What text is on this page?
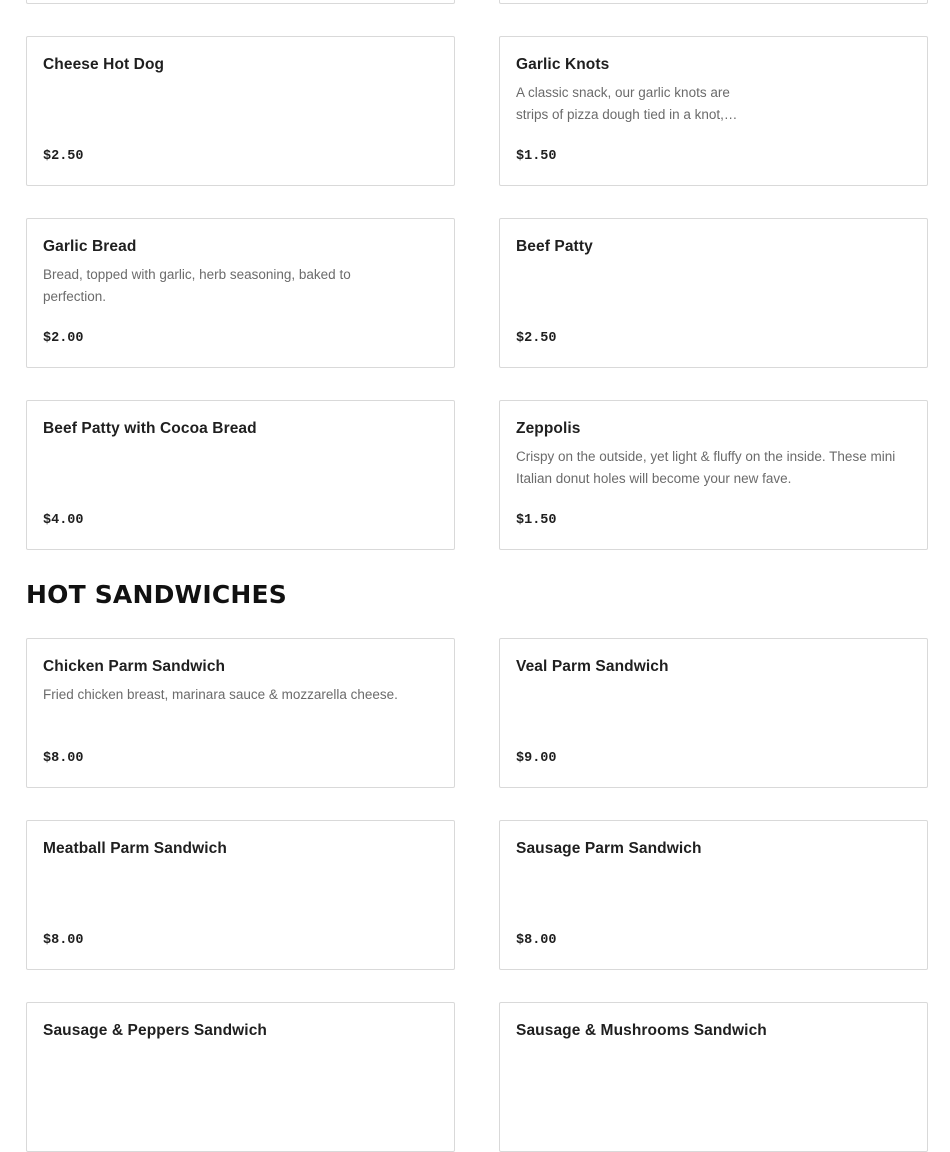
Cheese Hot Dog
$2.50
Garlic Knots
A classic snack, our garlic knots are strips of pizza dough tied in a knot,…
$1.50
Garlic Bread
Bread, topped with garlic, herb seasoning, baked to perfection.
$2.00
Beef Patty
$2.50
Beef Patty with Cocoa Bread
$4.00
Zeppolis
Crispy on the outside, yet light & fluffy on the inside. These mini Italian donut holes will become your new fave.
$1.50
HOT SANDWICHES
Chicken Parm Sandwich
Fried chicken breast, marinara sauce & mozzarella cheese.
$8.00
Veal Parm Sandwich
$9.00
Meatball Parm Sandwich
$8.00
Sausage Parm Sandwich
$8.00
Sausage & Peppers Sandwich	Sausage & Mushrooms Sandwich
